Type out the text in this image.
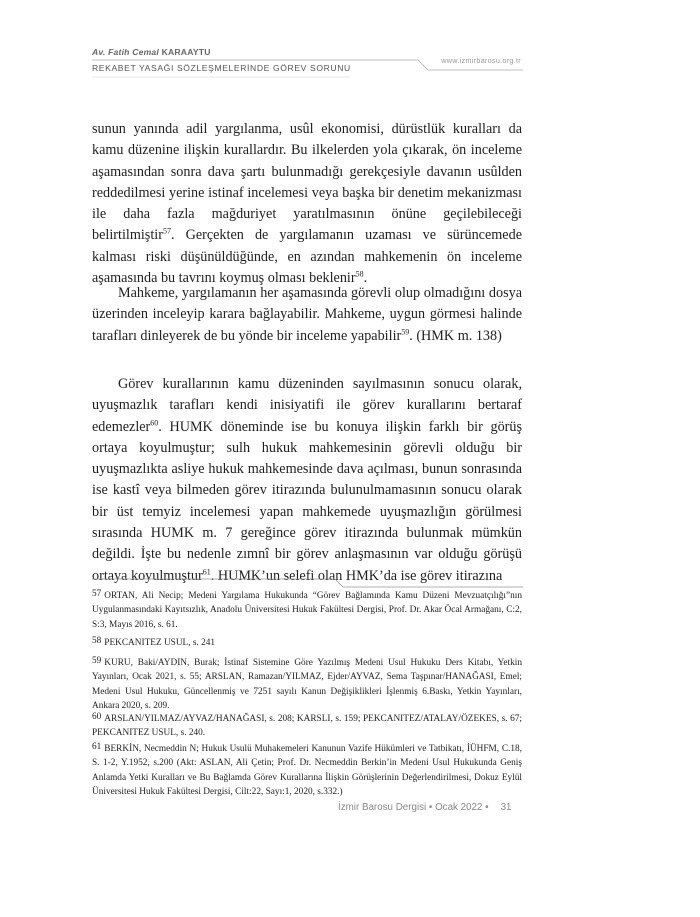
Av. Fatih Cemal KARAAYTU
REKABET YASAĞI SÖZLEŞMELERİNDE GÖREV SORUNU
www.izmirbarosu.org.tr

sunun yanında adil yargılanma, usûl ekonomisi, dürüstlük kuralları da kamu düzenine ilişkin kurallardır. Bu ilkelerden yola çıkarak, ön inceleme aşamasından sonra dava şartı bulunmadığı gerekçesiyle davanın usûlden reddedilmesi yerine istinaf incelemesi veya başka bir denetim mekanizması ile daha fazla mağduriyet yaratılmasının önüne geçilebileceği belirtilmiştir$^{57}$. Gerçekten de yargılamanın uzaması ve sürüncemede kalması riski düşünüldüğünde, en azından mahkemenin ön inceleme aşamasında bu tavrını koymuş olması beklenir$^{58}$.

Mahkeme, yargılamanın her aşamasında görevli olup olmadığını dosya üzerinden inceleyip karara bağlayabilir. Mahkeme, uygun görmesi halinde tarafları dinleyerek de bu yönde bir inceleme yapabilir$^{59}$. (HMK m. 138)

Görev kurallarının kamu düzeninden sayılmasının sonucu olarak, uyuşmazlık tarafları kendi inisiyatifi ile görev kurallarını bertaraf edemezler$^{60}$. HUMK döneminde ise bu konuya ilişkin farklı bir görüş ortaya koyulmuştur; sulh hukuk mahkemesinin görevli olduğu bir uyuşmazlıkta asliye hukuk mahkemesinde dava açılması, bunun sonrasında ise kastî veya bilmeden görev itirazında bulunulmamasının sonucu olarak bir üst temyiz incelemesi yapan mahkemede uyuşmazlığın görülmesi sırasında HUMK m. 7 gereğince görev itirazında bulunmak mümkün değildi. İşte bu nedenle zımnî bir görev anlaşmasının var olduğu görüşü ortaya koyulmuştur$^{61}$. HUMK’un selefi olan HMK’da ise görev itirazına

57 ORTAN, Ali Necip; Medeni Yargılama Hukukunda “Görev Bağlamında Kamu Düzeni Mevzuatçılığı”nın Uygulanmasındaki Kayıtsızlık, Anadolu Üniversitesi Hukuk Fakültesi Dergisi, Prof. Dr. Akar Öcal Armağanı, C:2, S:3, Mayıs 2016, s. 61.
58 PEKCANITEZ USUL, s. 241
59 KURU, Baki/AYDIN, Burak; İstinaf Sistemine Göre Yazılmış Medeni Usul Hukuku Ders Kitabı, Yetkin Yayınları, Ocak 2021, s. 55; ARSLAN, Ramazan/YILMAZ, Ejder/AYVAZ, Sema Taşpınar/HANAĞASI, Emel; Medeni Usul Hukuku, Güncellenmiş ve 7251 sayılı Kanun Değişiklikleri İşlenmiş 6.Baskı, Yetkin Yayınları, Ankara 2020, s. 209.
60 ARSLAN/YILMAZ/AYVAZ/HANAĞASI, s. 208; KARSLI, s. 159; PEKCANITEZ/ATALAY/ÖZEKES, s. 67; PEKCANITEZ USUL, s. 240.
61 BERKİN, Necmeddin N; Hukuk Usulü Muhakemeleri Kanunun Vazife Hükümleri ve Tatbikatı, İÜHFM, C.18, S. 1-2, Y.1952, s.200 (Akt: ASLAN, Ali Çetin; Prof. Dr. Necmeddin Berkin’in Medeni Usul Hukukunda Geniş Anlamda Yetki Kuralları ve Bu Bağlamda Görev Kurallarına İlişkin Görüşlerinin Değerlendirilmesi, Dokuz Eylül Üniversitesi Hukuk Fakültesi Dergisi, Cilt:22, Sayı:1, 2020, s.332.)
İzmir Barosu Dergisi • Ocak 2022 • 31
